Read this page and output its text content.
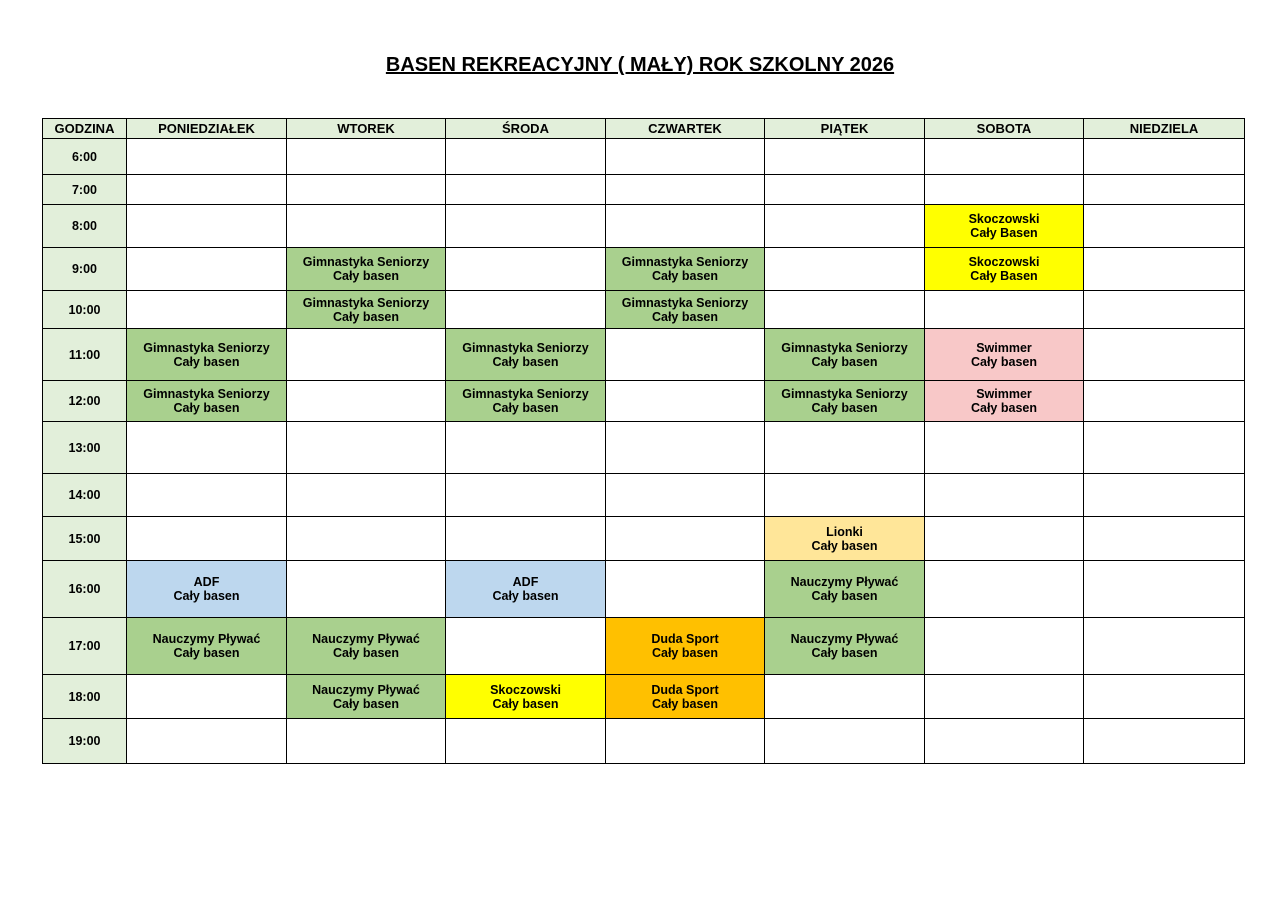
BASEN REKREACYJNY ( MAŁY) ROK SZKOLNY 2026
GODZINA	PONIEDZIAŁEK	WTOREK	ŚRODA	CZWARTEK	PIĄTEK	SOBOTA	NIEDZIELA
6:00							
7:00							
8:00						Skoczowski
Cały Basen	

9:00		Gimnastyka Seniorzy
Cały basen		Gimnastyka Seniorzy
Cały basen		Skoczowski
Cały Basen	

10:00		Gimnastyka Seniorzy
Cały basen		Gimnastyka Seniorzy
Cały basen			

11:00	Gimnastyka Seniorzy
Cały basen		Gimnastyka Seniorzy
Cały basen		Gimnastyka Seniorzy
Cały basen	Swimmer
Cały basen	

12:00	Gimnastyka Seniorzy
Cały basen		Gimnastyka Seniorzy
Cały basen		Gimnastyka Seniorzy
Cały basen	Swimmer
Cały basen	

13:00							
14:00							
15:00					Lionki
Cały basen		

16:00	ADF
Cały basen		ADF
Cały basen		Nauczymy Pływać
Cały basen		

17:00	Nauczymy Pływać
Cały basen	Nauczymy Pływać
Cały basen		Duda Sport
Cały basen	Nauczymy Pływać
Cały basen		

18:00		Nauczymy Pływać
Cały basen	Skoczowski
Cały basen	Duda Sport
Cały basen			

19:00							
